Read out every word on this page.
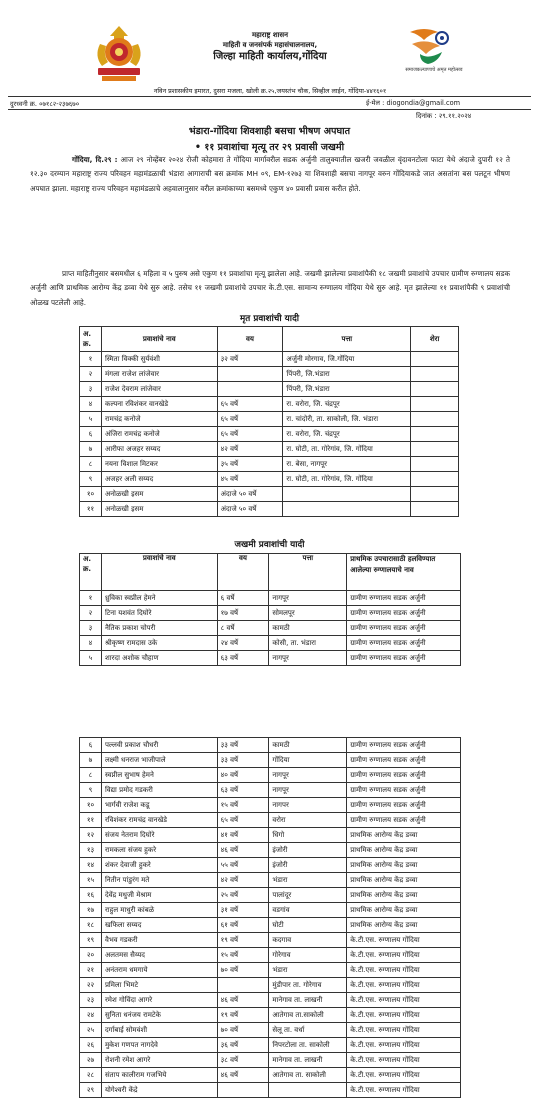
महाराष्ट्र शासन
माहिती व जनसंपर्क महासंचालनालय,
जिल्हा माहिती कार्यालय,गोंदिया
समाजकल्याणाचे अमृत महोत्सव
नविन प्रशासकीय इमारत, दुसरा मजला, खोली क्र.२५,जयस्तंभ चौक, सिव्हील लाईन, गोंदिया-४४१६०१
दुरध्वनी क्र. ०७१८२-२३७६७०	ई-मेल : diogondia@gmail.com
दिनांक : २९.११.२०२४
भंडारा-गोंदिया शिवशाही बसचा भीषण अपघात
• ११ प्रवाशांचा मृत्यू तर २९ प्रवासी जखमी
गोंदिया, दि.२९ : आज २९ नोव्हेंबर २०२४ रोजी कोहमारा ते गोंदिया मार्गावरील सडक अर्जुनी तालुक्यातील खजरी जवळील वृंदावनटोला फाटा येथे अंदाजे दुपारी १२ ते १२.३० दरम्यान महाराष्ट्र राज्य परिवहन महामंडळाची भंडारा आगाराची बस क्रमांक MH ०९, EM-१२७३ या शिवशाही बसचा नागपूर वरुन गोंदियाकडे जात असतांना बस पलटून भीषण अपघात झाला. महाराष्ट्र राज्य परिवहन महामंडळाचे अहवालानुसार वरील क्रमांकाच्या बसमध्ये एकुण ४० प्रवासी प्रवास करीत होते.
प्राप्त माहितीनुसार बसमधील ६ महिला व ५ पुरुष असे एकुण ११ प्रवाशांचा मृत्यू झालेला आहे. जखमी झालेल्या प्रवाशांपैकी १८ जखमी प्रवाशांचे उपचार ग्रामीण रुग्णालय सडक अर्जुनी आणि प्राथमिक आरोग्य केंद्र डव्वा येथे सुरु आहे. तसेच ११ जखमी प्रवाशांचे उपचार के.टी.एस. सामान्य रुग्णालय गोंदिया येथे सुरु आहे. मृत झालेल्या ११ प्रवाशांपैकी ९ प्रवाशांची ओळख पटलेली आहे.
मृत प्रवाशांची यादी
अ. क्र.	प्रवाशांचे नाव	वय	पत्ता	शेरा
१	स्मिता विक्की सुर्यवंशी	३२ वर्षे	अर्जुनी मोरगाव, जि.गोंदिया	
२	मंगला राजेश लांजेवार		पिंपरी, जि.भंडारा	
३	राजेश देवराम लांजेवार		पिंपरी, जि.भंडारा	
४	कल्पना रविशंकर वानखेडे	६५ वर्षे	रा. वरोरा, जि. चंद्रपूर	
५	रामचंद्र कनोजे	६५ वर्षे	रा. चांदोरी, ता. साकोली, जि. भंडारा	
६	अंजिरा रामचंद्र कनोजे	६५ वर्षे	रा. वरोरा, जि. चंद्रपूर	
७	आरीफा अजहर सय्यद	४२ वर्षे	रा. घोटी, ता. गोरेगांव, जि. गोंदिया	
८	नयना विशाल मिटकर	३५ वर्षे	रा. बेसा, नागपूर	
९	अजहर अली सय्यद	४५ वर्षे	रा. घोटी, ता. गोरेगांव, जि. गोंदिया	
१०	अनोळखी इसम	अंदाजे ५० वर्षे		
११	अनोळखी इसम	अंदाजे ५० वर्षे		
जखमी प्रवाशांची यादी
अ. क्र.	प्रवाशांचे नाव	वय	पत्ता	प्राथमिक उपचारासाठी हलविण्यात आलेल्या रुग्णालयाचे नाव
१	ध्रुविका स्वप्नील हेमने	६ वर्षे	नागपूर	ग्रामीण रुग्णालय सडक अर्जुनी
२	टिना यशवंत दिघोरे	१७ वर्षे	सोमलपूर	ग्रामीण रुग्णालय सडक अर्जुनी
३	नैतिक प्रकाश चोपरी	८ वर्षे	कामठी	ग्रामीण रुग्णालय सडक अर्जुनी
४	श्रीकृष्ण रामदास उके	२४ वर्षे	कोसी, ता. भंडारा	ग्रामीण रुग्णालय सडक अर्जुनी
५	शारदा अशोक चौहाण	६३ वर्षे	नागपूर	ग्रामीण रुग्णालय सडक अर्जुनी
६	पल्लवी प्रकाश चौधरी	३३ वर्षे	कामठी	ग्रामीण रुग्णालय सडक अर्जुनी
७	लक्ष्मी धनराज भाजीपाले	३३ वर्षे	गोंदिया	ग्रामीण रुग्णालय सडक अर्जुनी
८	स्वप्नील सुभाष हेमने	४० वर्षे	नागपूर	ग्रामीण रुग्णालय सडक अर्जुनी
९	विद्या प्रमोद गडकरी	६३ वर्षे	नागपूर	ग्रामीण रुग्णालय सडक अर्जुनी
१०	भार्गवी राजेश कडू	१५ वर्षे	नागपर	ग्रामीण रुग्णालय सडक अर्जुनी
११	रविशंकर रामचंद्र वानखेडे	६५ वर्षे	वरोरा	ग्रामीण रुग्णालय सडक अर्जुनी
१२	संजय नेतराम दिघोरे	४१ वर्षे	धिगो	प्राथमिक आरोग्य केंद्र डव्वा
१३	रामकला संजय हुकरे	४६ वर्षे	इंजोरी	प्राथमिक आरोग्य केंद्र डव्वा
१४	शंकर देवाजी हुकरे	५५ वर्षे	इंजोरी	प्राथमिक आरोग्य केंद्र डव्वा
१५	नितीन पांडुरंग मते	४२ वर्षे	भंडारा	प्राथमिक आरोग्य केंद्र डव्वा
१६	देवेंद्र मधुजी मेश्राम	२५ वर्षे	पालांदूर	प्राथमिक आरोग्य केंद्र डव्वा
१७	राहुल माधुरी कांबळे	३१ वर्षे	वडगांव	प्राथमिक आरोग्य केंद्र डव्वा
१८	खफिला सय्यद	६१ वर्षे	घोटी	प्राथमिक आरोग्य केंद्र डव्वा
१९	वैभव गडकरी	१९ वर्षे	कदगाव	के.टी.एस. रुग्णालय गोंदिया
२०	अलतमस सैय्यद	१५ वर्षे	गोरेगाव	के.टी.एस. रुग्णालय गोंदिया
२१	अनंतराम धमगाये	७० वर्षे	भंडारा	के.टी.एस. रुग्णालय गोंदिया
२२	प्रमिला भिमटे		मुंडीपार ता. गोरेगाव	के.टी.एस. रुग्णालय गोंदिया
२३	रमेश गोविंदा आगरे	४६ वर्षे	मानेगाव ता. लाखनी	के.टी.एस. रुग्णालय गोंदिया
२४	सुनिता धनंजय रामटेके	१९ वर्षे	आतेगाव ता.साकोली	के.टी.एस. रुग्णालय गोंदिया
२५	दर्गाबाई सोमवंशी	७० वर्षे	सेलू ता. वर्धा	के.टी.एस. रुग्णालय गोंदिया
२६	मुकेश गणपत नागदेवे	३६ वर्षे	निपरटोला ता. साकोली	के.टी.एस. रुग्णालय गोंदिया
२७	रोशनी रमेश आगरे	३८ वर्षे	मानेगाव ता. लाखनी	के.टी.एस. रुग्णालय गोंदिया
२८	संताप कालीराम गजभिये	४६ वर्षे	आतेगाव ता. साकोली	के.टी.एस. रुग्णालय गोंदिया
२९	योगेश्वरी केंद्रे			के.टी.एस. रुग्णालय गोंदिया
